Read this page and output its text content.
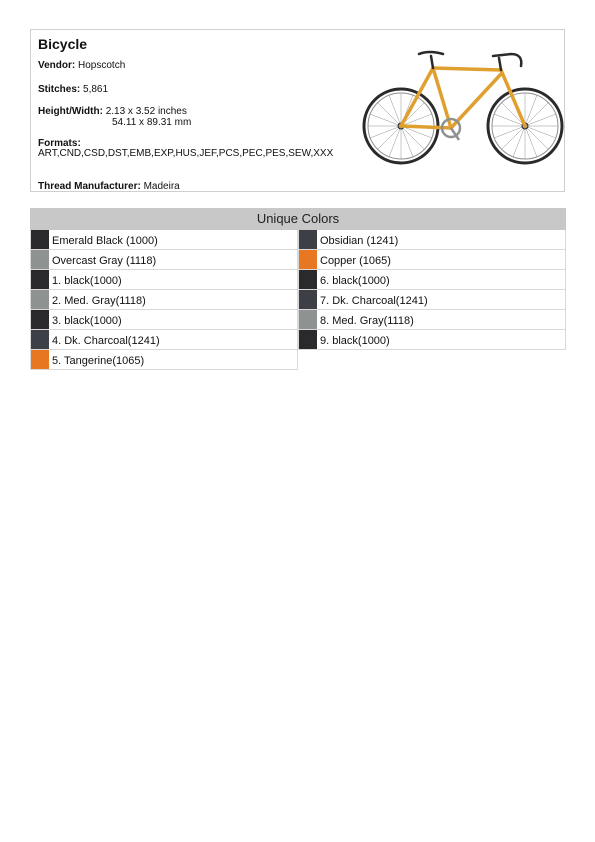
Bicycle
Vendor: Hopscotch
Stitches: 5,861
Height/Width: 2.13 x 3.52 inches
54.11 x 89.31 mm
Formats:
ART,CND,CSD,DST,EMB,EXP,HUS,JEF,PCS,PEC,PES,SEW,XXX
Thread Manufacturer: Madeira
Unique Colors
Emerald Black (1000)
Overcast Gray (1118)
1. black(1000)
2. Med. Gray(1118)
3. black(1000)
4. Dk. Charcoal(1241)
5. Tangerine(1065)
Obsidian (1241)
Copper (1065)
6. black(1000)
7. Dk. Charcoal(1241)
8. Med. Gray(1118)
9. black(1000)
